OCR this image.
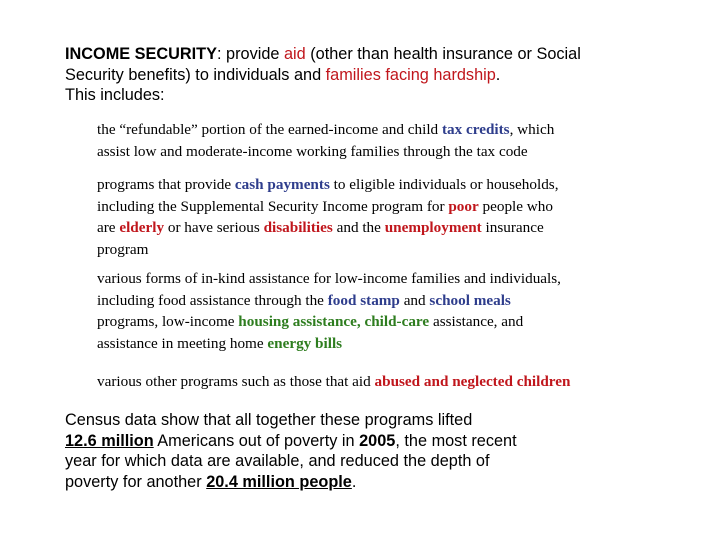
INCOME SECURITY: provide aid (other than health insurance or Social
Security benefits) to individuals and families facing hardship.
This includes:
the “refundable” portion of the earned-income and child tax credits, which
assist low and moderate-income working families through the tax code
programs that provide cash payments to eligible individuals or households,
including the Supplemental Security Income program for poor people who
are elderly or have serious disabilities and the unemployment insurance
program
various forms of in-kind assistance for low-income families and individuals,
including food assistance through the food stamp and school meals
programs, low-income housing assistance, child-care assistance, and
assistance in meeting home energy bills
various other programs such as those that aid abused and neglected children
Census data show that all together these programs lifted
12.6 million Americans out of poverty in 2005, the most recent
year for which data are available, and reduced the depth of
poverty for another 20.4 million people.
